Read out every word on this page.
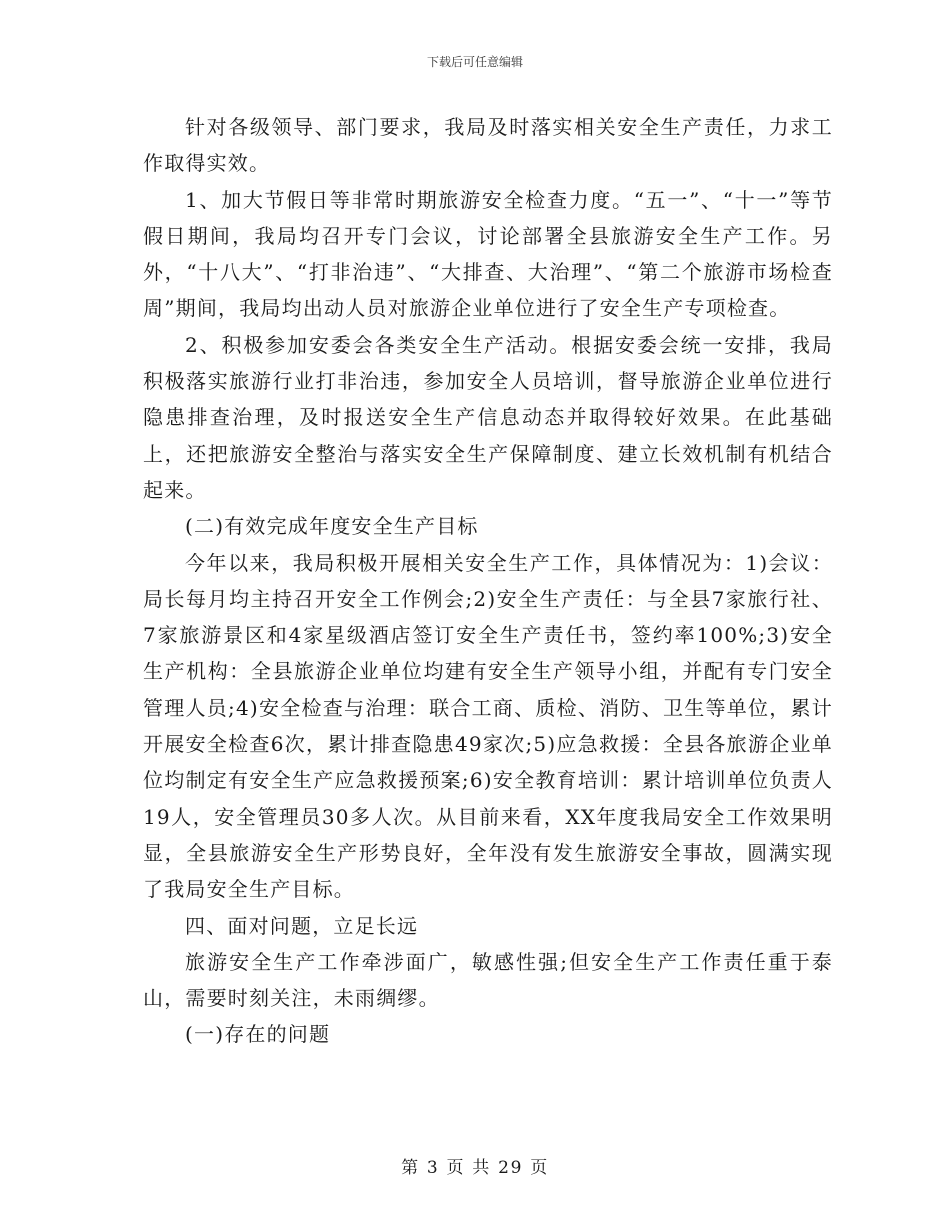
下载后可任意编辑

针对各级领导、部门要求，我局及时落实相关安全生产责任，力求工作取得实效。

1、加大节假日等非常时期旅游安全检查力度。“五一”、“十一”等节假日期间，我局均召开专门会议，讨论部署全县旅游安全生产工作。另外，“十八大”、“打非治违”、“大排查、大治理”、“第二个旅游市场检查周”期间，我局均出动人员对旅游企业单位进行了安全生产专项检查。

2、积极参加安委会各类安全生产活动。根据安委会统一安排，我局积极落实旅游行业打非治违，参加安全人员培训，督导旅游企业单位进行隐患排查治理，及时报送安全生产信息动态并取得较好效果。在此基础上，还把旅游安全整治与落实安全生产保障制度、建立长效机制有机结合起来。

(二)有效完成年度安全生产目标

今年以来，我局积极开展相关安全生产工作，具体情况为：1)会议：局长每月均主持召开安全工作例会;2)安全生产责任：与全县7家旅行社、7家旅游景区和4家星级酒店签订安全生产责任书，签约率100%;3)安全生产机构：全县旅游企业单位均建有安全生产领导小组，并配有专门安全管理人员;4)安全检查与治理：联合工商、质检、消防、卫生等单位，累计开展安全检查6次，累计排查隐患49家次;5)应急救援：全县各旅游企业单位均制定有安全生产应急救援预案;6)安全教育培训：累计培训单位负责人19人，安全管理员30多人次。从目前来看，XX年度我局安全工作效果明显，全县旅游安全生产形势良好，全年没有发生旅游安全事故，圆满实现了我局安全生产目标。

四、面对问题，立足长远

旅游安全生产工作牵涉面广，敏感性强;但安全生产工作责任重于泰山，需要时刻关注，未雨绸缪。

(一)存在的问题

第 3 页 共 29 页
